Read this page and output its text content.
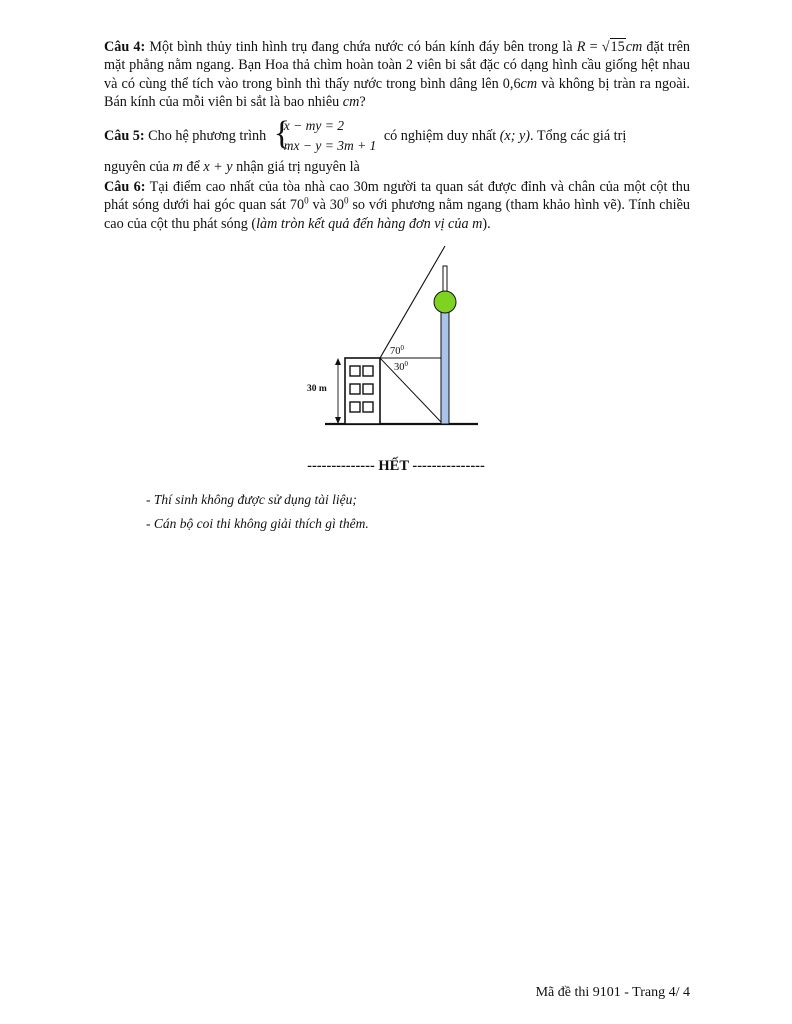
Câu 4: Một bình thủy tinh hình trụ đang chứa nước có bán kính đáy bên trong là R = √15cm đặt trên mặt phẳng nằm ngang. Bạn Hoa thả chìm hoàn toàn 2 viên bi sắt đặc có dạng hình cầu giống hệt nhau và có cùng thể tích vào trong bình thì thấy nước trong bình dâng lên 0,6cm và không bị tràn ra ngoài. Bán kính của mỗi viên bi sắt là bao nhiêu cm?

Câu 5: Cho hệ phương trình {
x − my = 2
mx − y = 3m + 1
có nghiệm duy nhất (x; y) . Tổng các giá trị
nguyên của m để x + y nhận giá trị nguyên là

Câu 6: Tại điểm cao nhất của tòa nhà cao 30m người ta quan sát được đỉnh và chân của một cột thu phát sóng dưới hai góc quan sát $70^0$ và $30^0$ so với phương nằm ngang (tham khảo hình vẽ). Tính chiều cao của cột thu phát sóng (làm tròn kết quả đến hàng đơn vị của m).

30 m
$70^0$
$30^0$
-------------- HẾT ---------------
- Thí sinh không được sử dụng tài liệu;
- Cán bộ coi thi không giải thích gì thêm.
Mã đề thi 9101 - Trang 4/ 4
